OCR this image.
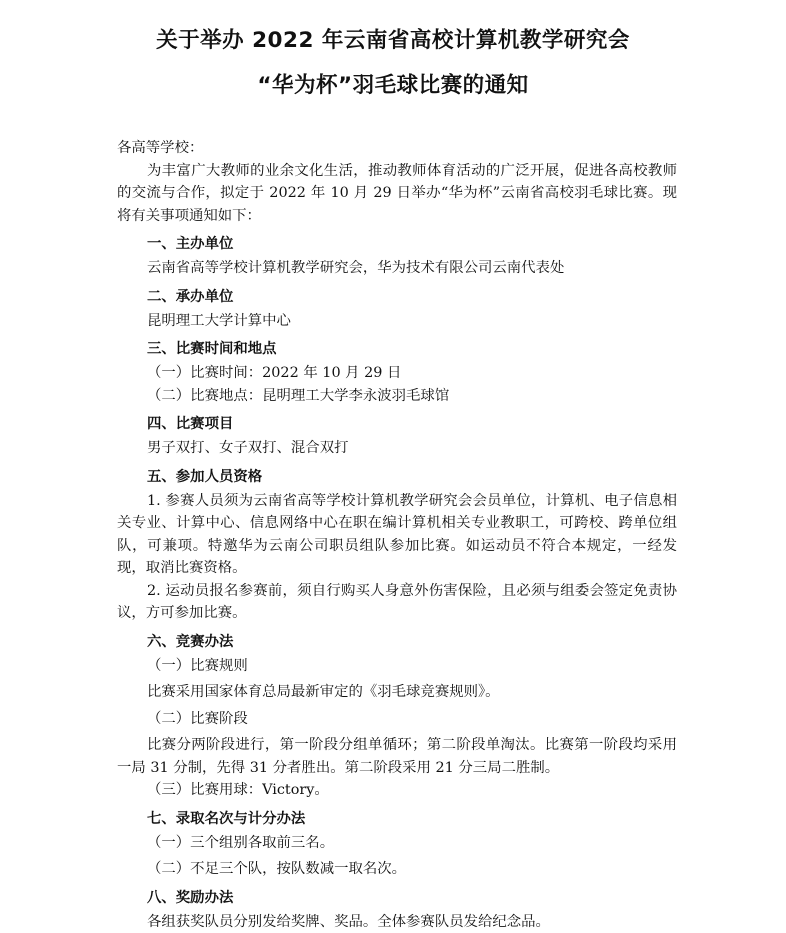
关于举办 2022 年云南省高校计算机教学研究会
“华为杯”羽毛球比赛的通知

各高等学校：

为丰富广大教师的业余文化生活，推动教师体育活动的广泛开展，促进各高校教师的交流与合作，拟定于 2022 年 10 月 29 日举办“华为杯”云南省高校羽毛球比赛。现将有关事项通知如下：

一、主办单位

云南省高等学校计算机教学研究会，华为技术有限公司云南代表处

二、承办单位

昆明理工大学计算中心

三、比赛时间和地点

（一）比赛时间：2022 年 10 月 29 日

（二）比赛地点：昆明理工大学李永波羽毛球馆

四、比赛项目

男子双打、女子双打、混合双打

五、参加人员资格

1. 参赛人员须为云南省高等学校计算机教学研究会会员单位，计算机、电子信息相关专业、计算中心、信息网络中心在职在编计算机相关专业教职工，可跨校、跨单位组队，可兼项。特邀华为云南公司职员组队参加比赛。如运动员不符合本规定，一经发现，取消比赛资格。

2. 运动员报名参赛前，须自行购买人身意外伤害保险，且必须与组委会签定免责协议，方可参加比赛。

六、竞赛办法

（一）比赛规则

比赛采用国家体育总局最新审定的《羽毛球竞赛规则》。

（二）比赛阶段

比赛分两阶段进行，第一阶段分组单循环；第二阶段单淘汰。比赛第一阶段均采用一局 31 分制，先得 31 分者胜出。第二阶段采用 21 分三局二胜制。

（三）比赛用球：Victory。

七、录取名次与计分办法

（一）三个组别各取前三名。

（二）不足三个队，按队数减一取名次。

八、奖励办法

各组获奖队员分别发给奖牌、奖品。全体参赛队员发给纪念品。
